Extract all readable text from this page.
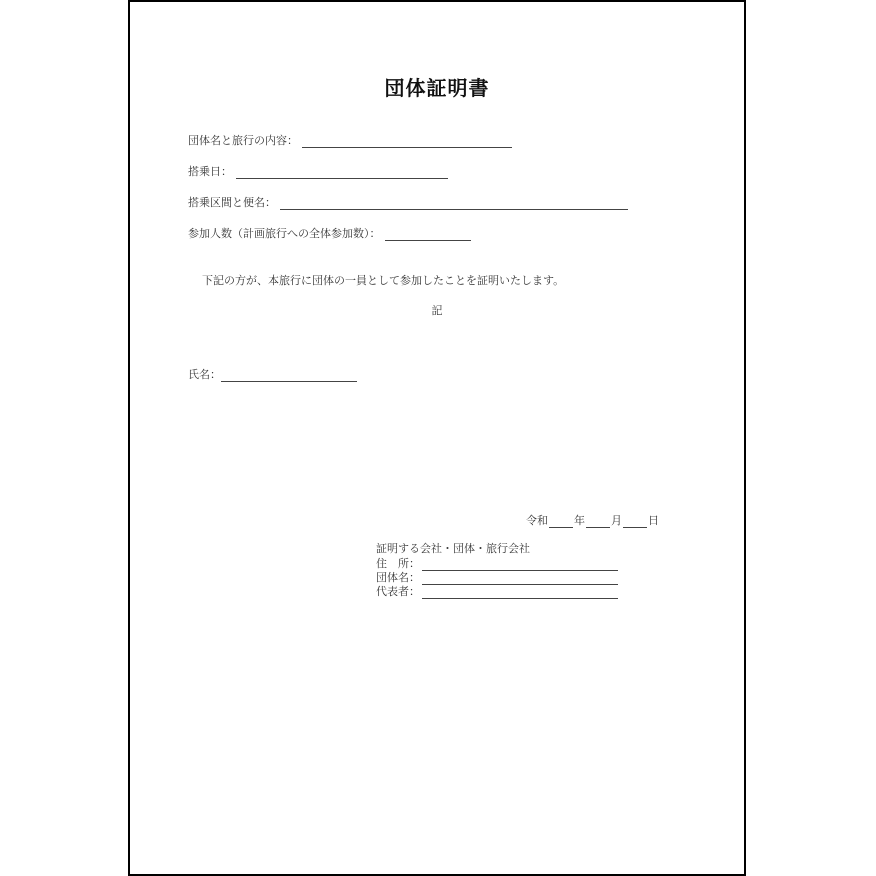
団体証明書
団体名と旅行の内容：
搭乗日：
搭乗区間と便名：
参加人数（計画旅行への全体参加数）：
下記の方が、本旅行に団体の一員として参加したことを証明いたします。
記
氏名：
令和 年 月 日
証明する会社・団体・旅行会社
住　所：
団体名：
代表者：
